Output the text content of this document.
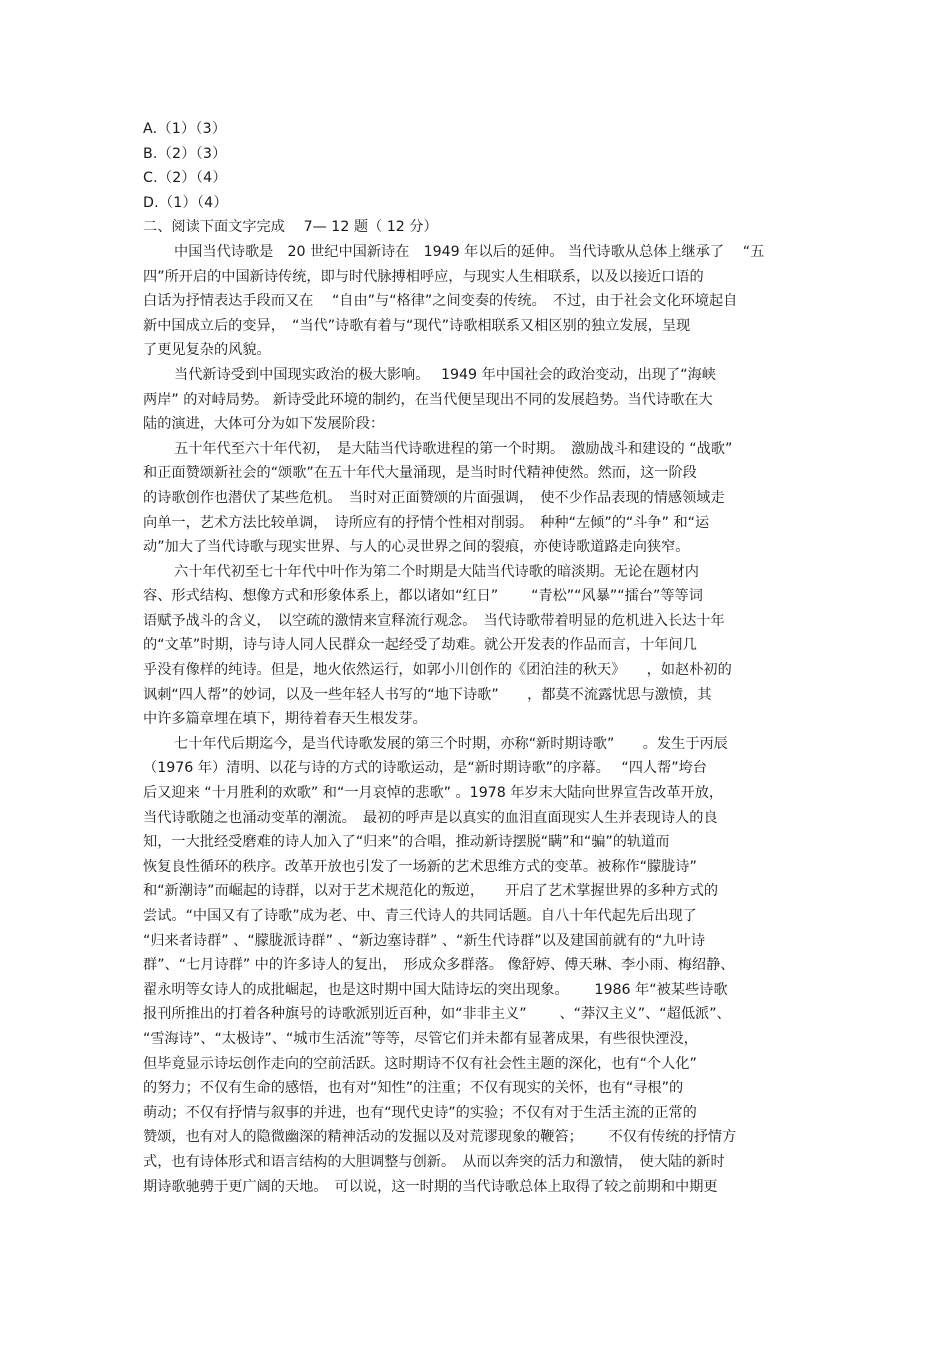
A.（1）（3）
B.（2）（3）
C.（2）（4）
D.（1）（4）
二、阅读下面文字完成　 7— 12 题（ 12 分）
中国当代诗歌是　20 世纪中国新诗在　1949 年以后的延伸。 当代诗歌从总体上继承了　 “五
四”所开启的中国新诗传统，即与时代脉搏相呼应，与现实人生相联系，以及以接近口语的
白话为抒情表达手段而又在　 “自由”与“格律”之间变奏的传统。　不过，由于社会文化环境起自
新中国成立后的变异，　“当代”诗歌有着与“现代”诗歌相联系又相区别的独立发展，呈现
了更见复杂的风貌。
当代新诗受到中国现实政治的极大影响。　 1949 年中国社会的政治变动，出现了“海峡
两岸” 的对峙局势。 新诗受此环境的制约，在当代便呈现出不同的发展趋势。当代诗歌在大
陆的演进，大体可分为如下发展阶段：
五十年代至六十年代初，　是大陆当代诗歌进程的第一个时期。　激励战斗和建设的 “战歌”
和正面赞颂新社会的“颂歌”在五十年代大量涌现，是当时时代精神使然。然而，这一阶段
的诗歌创作也潜伏了某些危机。　当时对正面赞颂的片面强调，　使不少作品表现的情感领域走
向单一，艺术方法比较单调，　诗所应有的抒情个性相对削弱。　种种“左倾”的“斗争” 和“运
动”加大了当代诗歌与现实世界、与人的心灵世界之间的裂痕，亦使诗歌道路走向狭窄。
六十年代初至七十年代中叶作为第二个时期是大陆当代诗歌的暗淡期。无论在题材内
容、形式结构、想像方式和形象体系上，都以诸如“红日”　　 “青松”“风暴”“擂台”等等词
语赋予战斗的含义，　以空疏的激情来宣释流行观念。　当代诗歌带着明显的危机进入长达十年
的“文革”时期，诗与诗人同人民群众一起经受了劫难。就公开发表的作品而言，十年间几
乎没有像样的纯诗。但是，地火依然运行，如郭小川创作的《团泊洼的秋天》　　，如赵朴初的
讽刺“四人帮”的妙词，以及一些年轻人书写的“地下诗歌”　　，都莫不流露忧思与激愤，其
中许多篇章埋在填下，期待着春天生根发芽。
七十年代后期迄今，是当代诗歌发展的第三个时期，亦称“新时期诗歌”　　。发生于丙辰
（1976 年）清明、以花与诗的方式的诗歌运动，是“新时期诗歌”的序幕。　 “四人帮”垮台
后又迎来 “十月胜利的欢歌” 和“一月哀悼的悲歌” 。1978 年岁末大陆向世界宣告改革开放，
当代诗歌随之也涌动变革的潮流。　最初的呼声是以真实的血泪直面现实人生并表现诗人的良
知，一大批经受磨难的诗人加入了“归来”的合唱，推动新诗摆脱“瞒”和“骗”的轨道而
恢复良性循环的秩序。改革开放也引发了一场新的艺术思维方式的变革。被称作“朦胧诗”
和“新潮诗”而崛起的诗群，以对于艺术规范化的叛逆，　　开启了艺术掌握世界的多种方式的
尝试。“中国又有了诗歌”成为老、中、青三代诗人的共同话题。自八十年代起先后出现了
“归来者诗群” 、“朦胧派诗群” 、“新边塞诗群” 、“新生代诗群”以及建国前就有的“九叶诗
群”、“七月诗群” 中的许多诗人的复出，　形成众多群落。 像舒婷、傅天琳、李小雨、梅绍静、
翟永明等女诗人的成批崛起，也是这时期中国大陆诗坛的突出现象。　　 1986 年“被某些诗歌
报刊所推出的打着各种旗号的诗歌派别近百种，如“非非主义”　　 、“莽汉主义”、“超低派”、
“雪海诗”、“太极诗”、“城市生活流”等等，尽管它们并未都有显著成果，有些很快湮没，
但毕竟显示诗坛创作走向的空前活跃。这时期诗不仅有社会性主题的深化，也有“个人化”
的努力；不仅有生命的感悟，也有对“知性”的注重；不仅有现实的关怀，也有“寻根”的
萌动；不仅有抒情与叙事的并进，也有“现代史诗”的实验；不仅有对于生活主流的正常的
赞颂，也有对人的隐微幽深的精神活动的发掘以及对荒谬现象的鞭笞；　　 不仅有传统的抒情方
式，也有诗体形式和语言结构的大胆调整与创新。　从而以奔突的活力和激情，　使大陆的新时
期诗歌驰骋于更广阔的天地。　可以说，这一时期的当代诗歌总体上取得了较之前期和中期更
